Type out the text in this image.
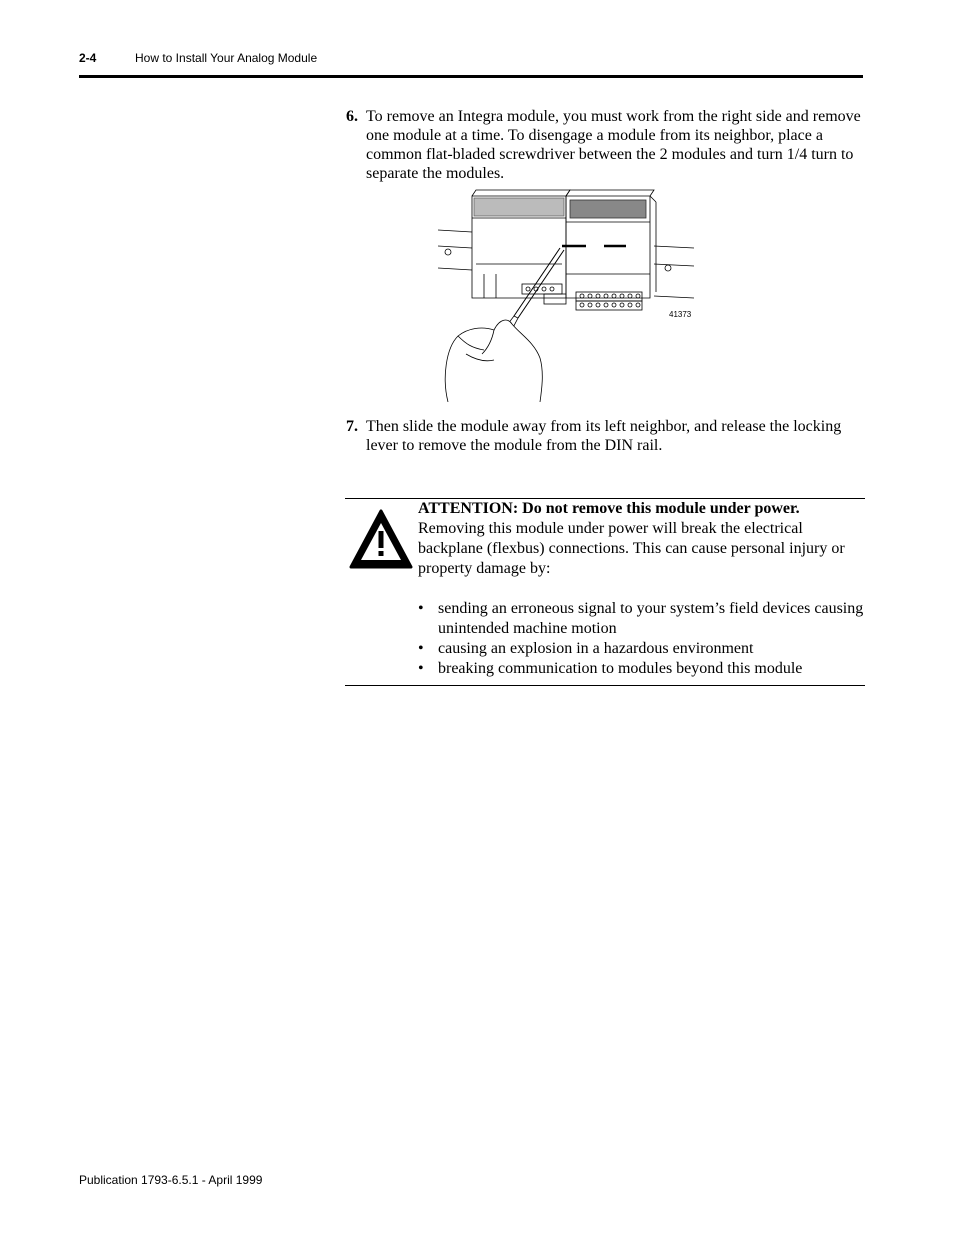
2-4	How to Install Your Analog Module
6. To remove an Integra module, you must work from the right side and remove one module at a time. To disengage a module from its neighbor, place a common flat-bladed screwdriver between the 2 modules and turn 1/4 turn to separate the modules.
41373
7. Then slide the module away from its left neighbor, and release the locking lever to remove the module from the DIN rail.
ATTENTION: Do not remove this module under power.
Removing this module under power will break the electrical backplane (flexbus) connections. This can cause personal injury or property damage by:
• sending an erroneous signal to your system’s field devices causing unintended machine motion
• causing an explosion in a hazardous environment
• breaking communication to modules beyond this module
Publication 1793-6.5.1 - April 1999
